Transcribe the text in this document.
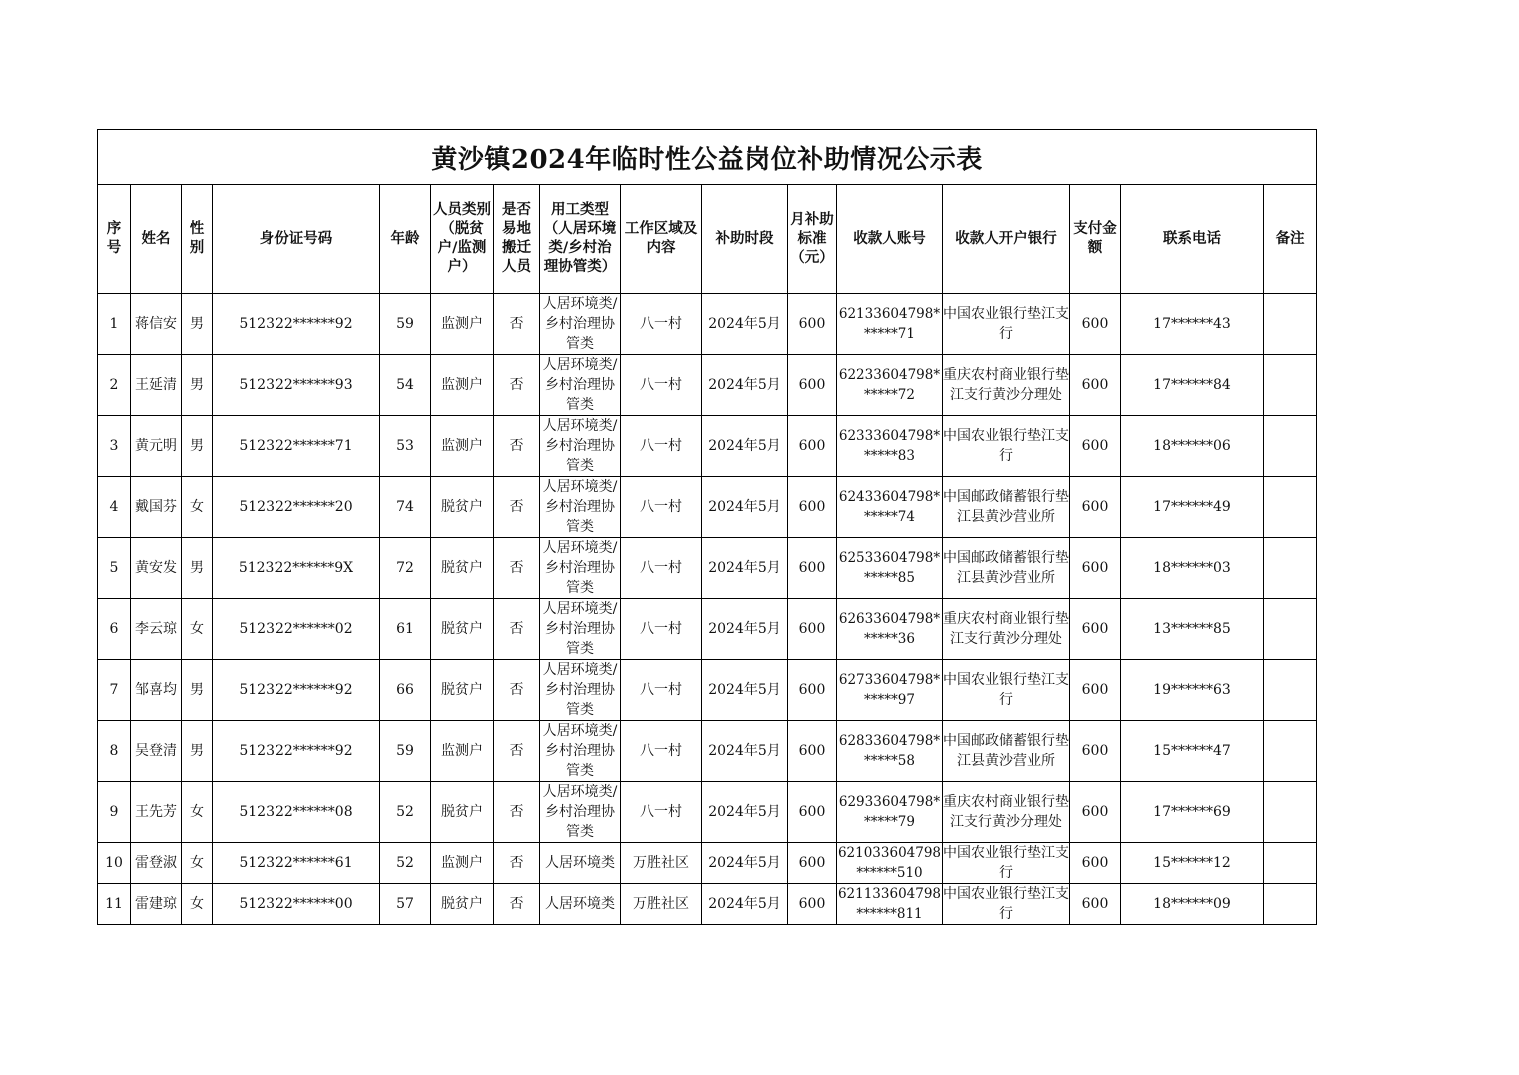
黄沙镇2024年临时性公益岗位补助情况公示表															
序号	姓名	性别	身份证号码	年龄	人员类别（脱贫户/监测户）	是否易地搬迁人员	用工类型（人居环境类/乡村治理协管类）	工作区域及内容	补助时段	月补助标准（元）	收款人账号	收款人开户银行	支付金额	联系电话	备注
1	蒋信安	男	512322******92	59	监测户	否	人居环境类/乡村治理协管类	八一村	2024年5月	600	62133604798******71	中国农业银行垫江支行	600	17******43	
2	王延清	男	512322******93	54	监测户	否	人居环境类/乡村治理协管类	八一村	2024年5月	600	62233604798******72	重庆农村商业银行垫江支行黄沙分理处	600	17******84	
3	黄元明	男	512322******71	53	监测户	否	人居环境类/乡村治理协管类	八一村	2024年5月	600	62333604798******83	中国农业银行垫江支行	600	18******06	
4	戴国芬	女	512322******20	74	脱贫户	否	人居环境类/乡村治理协管类	八一村	2024年5月	600	62433604798******74	中国邮政储蓄银行垫江县黄沙营业所	600	17******49	
5	黄安发	男	512322******9X	72	脱贫户	否	人居环境类/乡村治理协管类	八一村	2024年5月	600	62533604798******85	中国邮政储蓄银行垫江县黄沙营业所	600	18******03	
6	李云琼	女	512322******02	61	脱贫户	否	人居环境类/乡村治理协管类	八一村	2024年5月	600	62633604798******36	重庆农村商业银行垫江支行黄沙分理处	600	13******85	
7	邹喜均	男	512322******92	66	脱贫户	否	人居环境类/乡村治理协管类	八一村	2024年5月	600	62733604798******97	中国农业银行垫江支行	600	19******63	
8	吴登清	男	512322******92	59	监测户	否	人居环境类/乡村治理协管类	八一村	2024年5月	600	62833604798******58	中国邮政储蓄银行垫江县黄沙营业所	600	15******47	
9	王先芳	女	512322******08	52	脱贫户	否	人居环境类/乡村治理协管类	八一村	2024年5月	600	62933604798******79	重庆农村商业银行垫江支行黄沙分理处	600	17******69	
10	雷登淑	女	512322******61	52	监测户	否	人居环境类	万胜社区	2024年5月	600	621033604798******510	中国农业银行垫江支行	600	15******12	
11	雷建琼	女	512322******00	57	脱贫户	否	人居环境类	万胜社区	2024年5月	600	621133604798******811	中国农业银行垫江支行	600	18******09	
